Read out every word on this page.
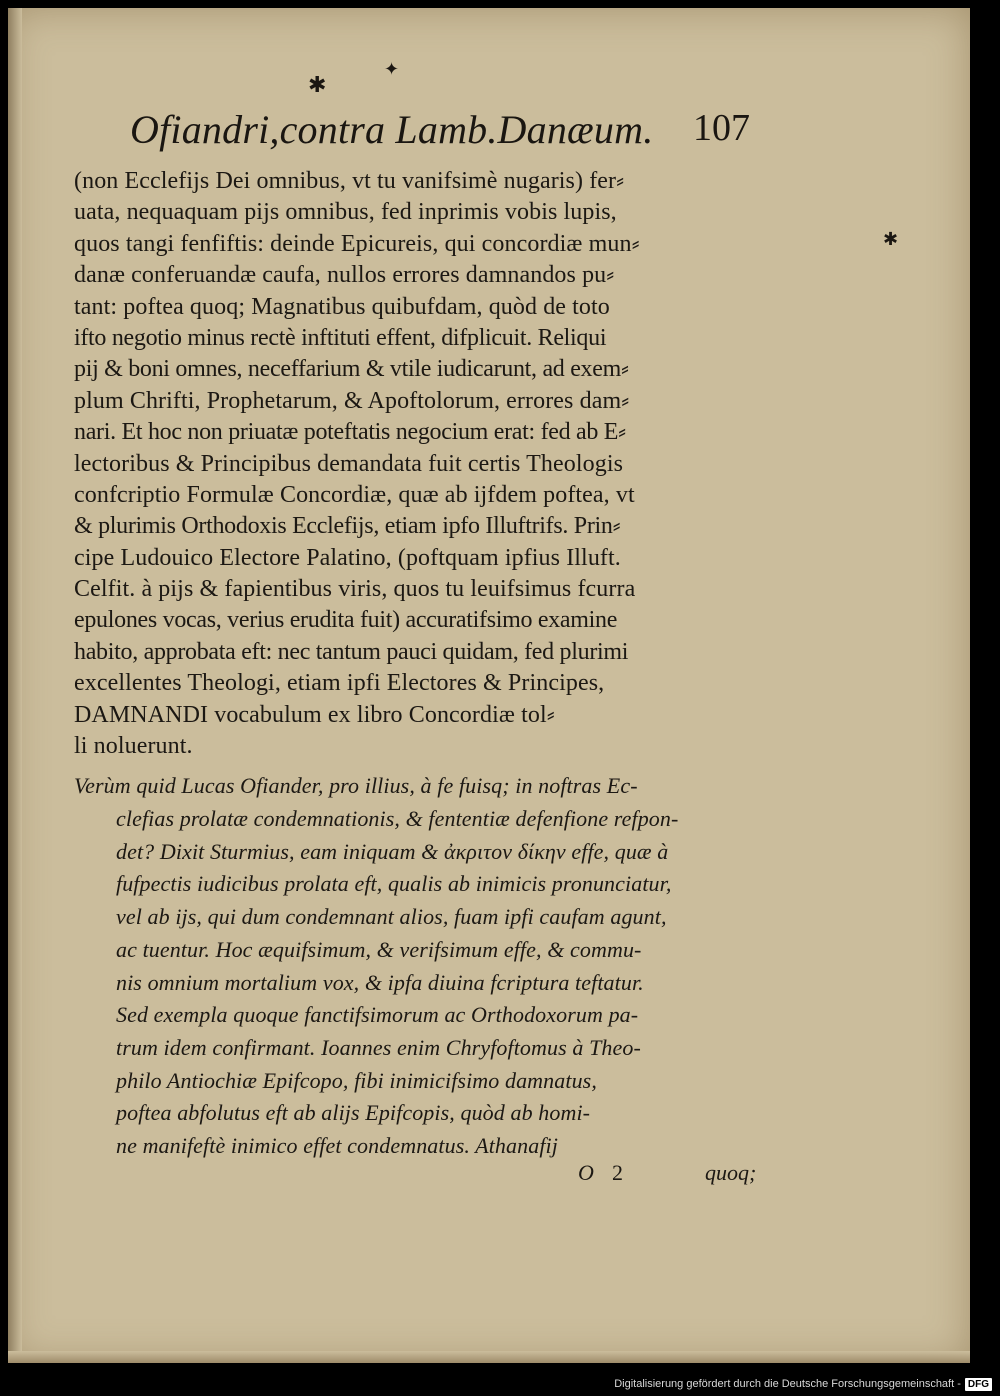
✱
✦
✱
Ofiandri,contra Lamb.Danæum. 107
(non Ecclefijs Dei omnibus, vt tu vanifsimè nugaris) fer⸗
uata, nequaquam pijs omnibus, fed inprimis vobis lupis,
quos tangi fenfiftis: deinde Epicureis, qui concordiæ mun⸗
danæ conferuandæ caufa, nullos errores damnandos pu⸗
tant: poftea quoq; Magnatibus quibufdam, quòd de toto
ifto negotio minus rectè inftituti effent, difplicuit. Reliqui
pij & boni omnes, neceffarium & vtile iudicarunt, ad exem⸗
plum Chrifti, Prophetarum, & Apoftolorum, errores dam⸗
nari. Et hoc non priuatæ poteftatis negocium erat: fed ab E⸗
lectoribus & Principibus demandata fuit certis Theologis
confcriptio Formulæ Concordiæ, quæ ab ijfdem poftea, vt
& plurimis Orthodoxis Ecclefijs, etiam ipfo Illuftrifs. Prin⸗
cipe Ludouico Electore Palatino, (poftquam ipfius Illuft.
Celfit. à pijs & fapientibus viris, quos tu leuifsimus fcurra
epulones vocas, verius erudita fuit) accuratifsimo examine
habito, approbata eft: nec tantum pauci quidam, fed plurimi
excellentes Theologi, etiam ipfi Electores & Principes,
DAMNANDI vocabulum ex libro Concordiæ tol⸗
li noluerunt.
Verùm quid Lucas Ofiander, pro illius, à fe fuisq; in noftras Ec-
clefias prolatæ condemnationis, & fententiæ defenfione refpon-
det? Dixit Sturmius, eam iniquam & ἀκριτον δίκην effe, quæ à
fufpectis iudicibus prolata eft, qualis ab inimicis pronunciatur,
vel ab ijs, qui dum condemnant alios, fuam ipfi caufam agunt,
ac tuentur. Hoc æquifsimum, & verifsimum effe, & commu-
nis omnium mortalium vox, & ipfa diuina fcriptura teftatur.
Sed exempla quoque fanctifsimorum ac Orthodoxorum pa-
trum idem confirmant. Ioannes enim Chryfoftomus à Theo-
philo Antiochiæ Epifcopo, fibi inimicifsimo damnatus,
poftea abfolutus eft ab alijs Epifcopis, quòd ab homi-
ne manifeftè inimico effet condemnatus. Athanafij
O 2	quoq;
Digitalisierung gefördert durch die Deutsche Forschungsgemeinschaft - DFG
